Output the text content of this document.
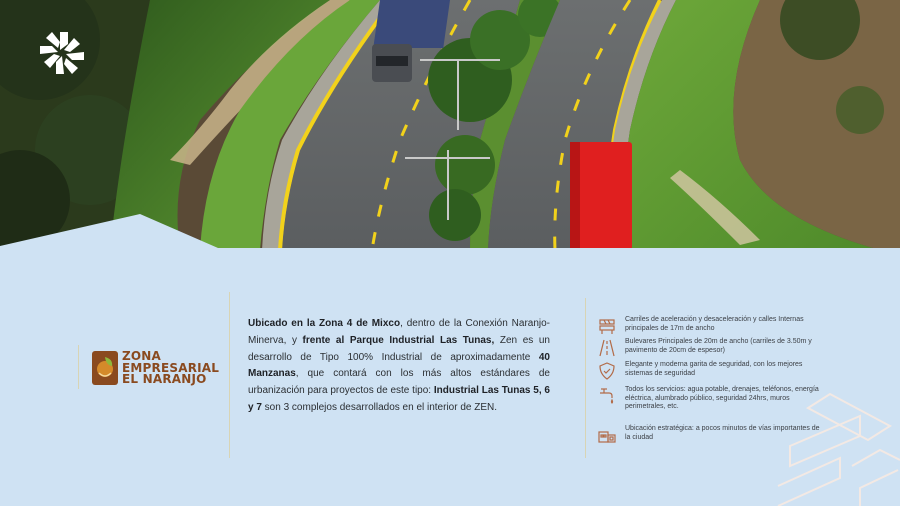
ZONA
EMPRESARIAL
EL NARANJO
Ubicado en la Zona 4 de Mixco, dentro de la Conexión Naranjo-Minerva, y frente al Parque Industrial Las Tunas, Zen es un desarrollo de Tipo 100% Industrial de aproximadamente 40 Manzanas, que contará con los más altos estándares de urbanización para proyectos de este tipo: Industrial Las Tunas 5, 6 y 7 son 3 complejos desarrollados en el interior de ZEN.
Carriles de aceleración y desaceleración y calles Internas principales de 17m de ancho
Bulevares Principales de 20m de ancho (carriles de 3.50m y pavimento de 20cm de espesor)
Elegante y moderna garita de seguridad, con los mejores sistemas de seguridad
Todos los servicios: agua potable, drenajes, teléfonos, energía eléctrica, alumbrado público, seguridad 24hrs, muros perimetrales, etc.
Ubicación estratégica: a pocos minutos de vías importantes de la ciudad
